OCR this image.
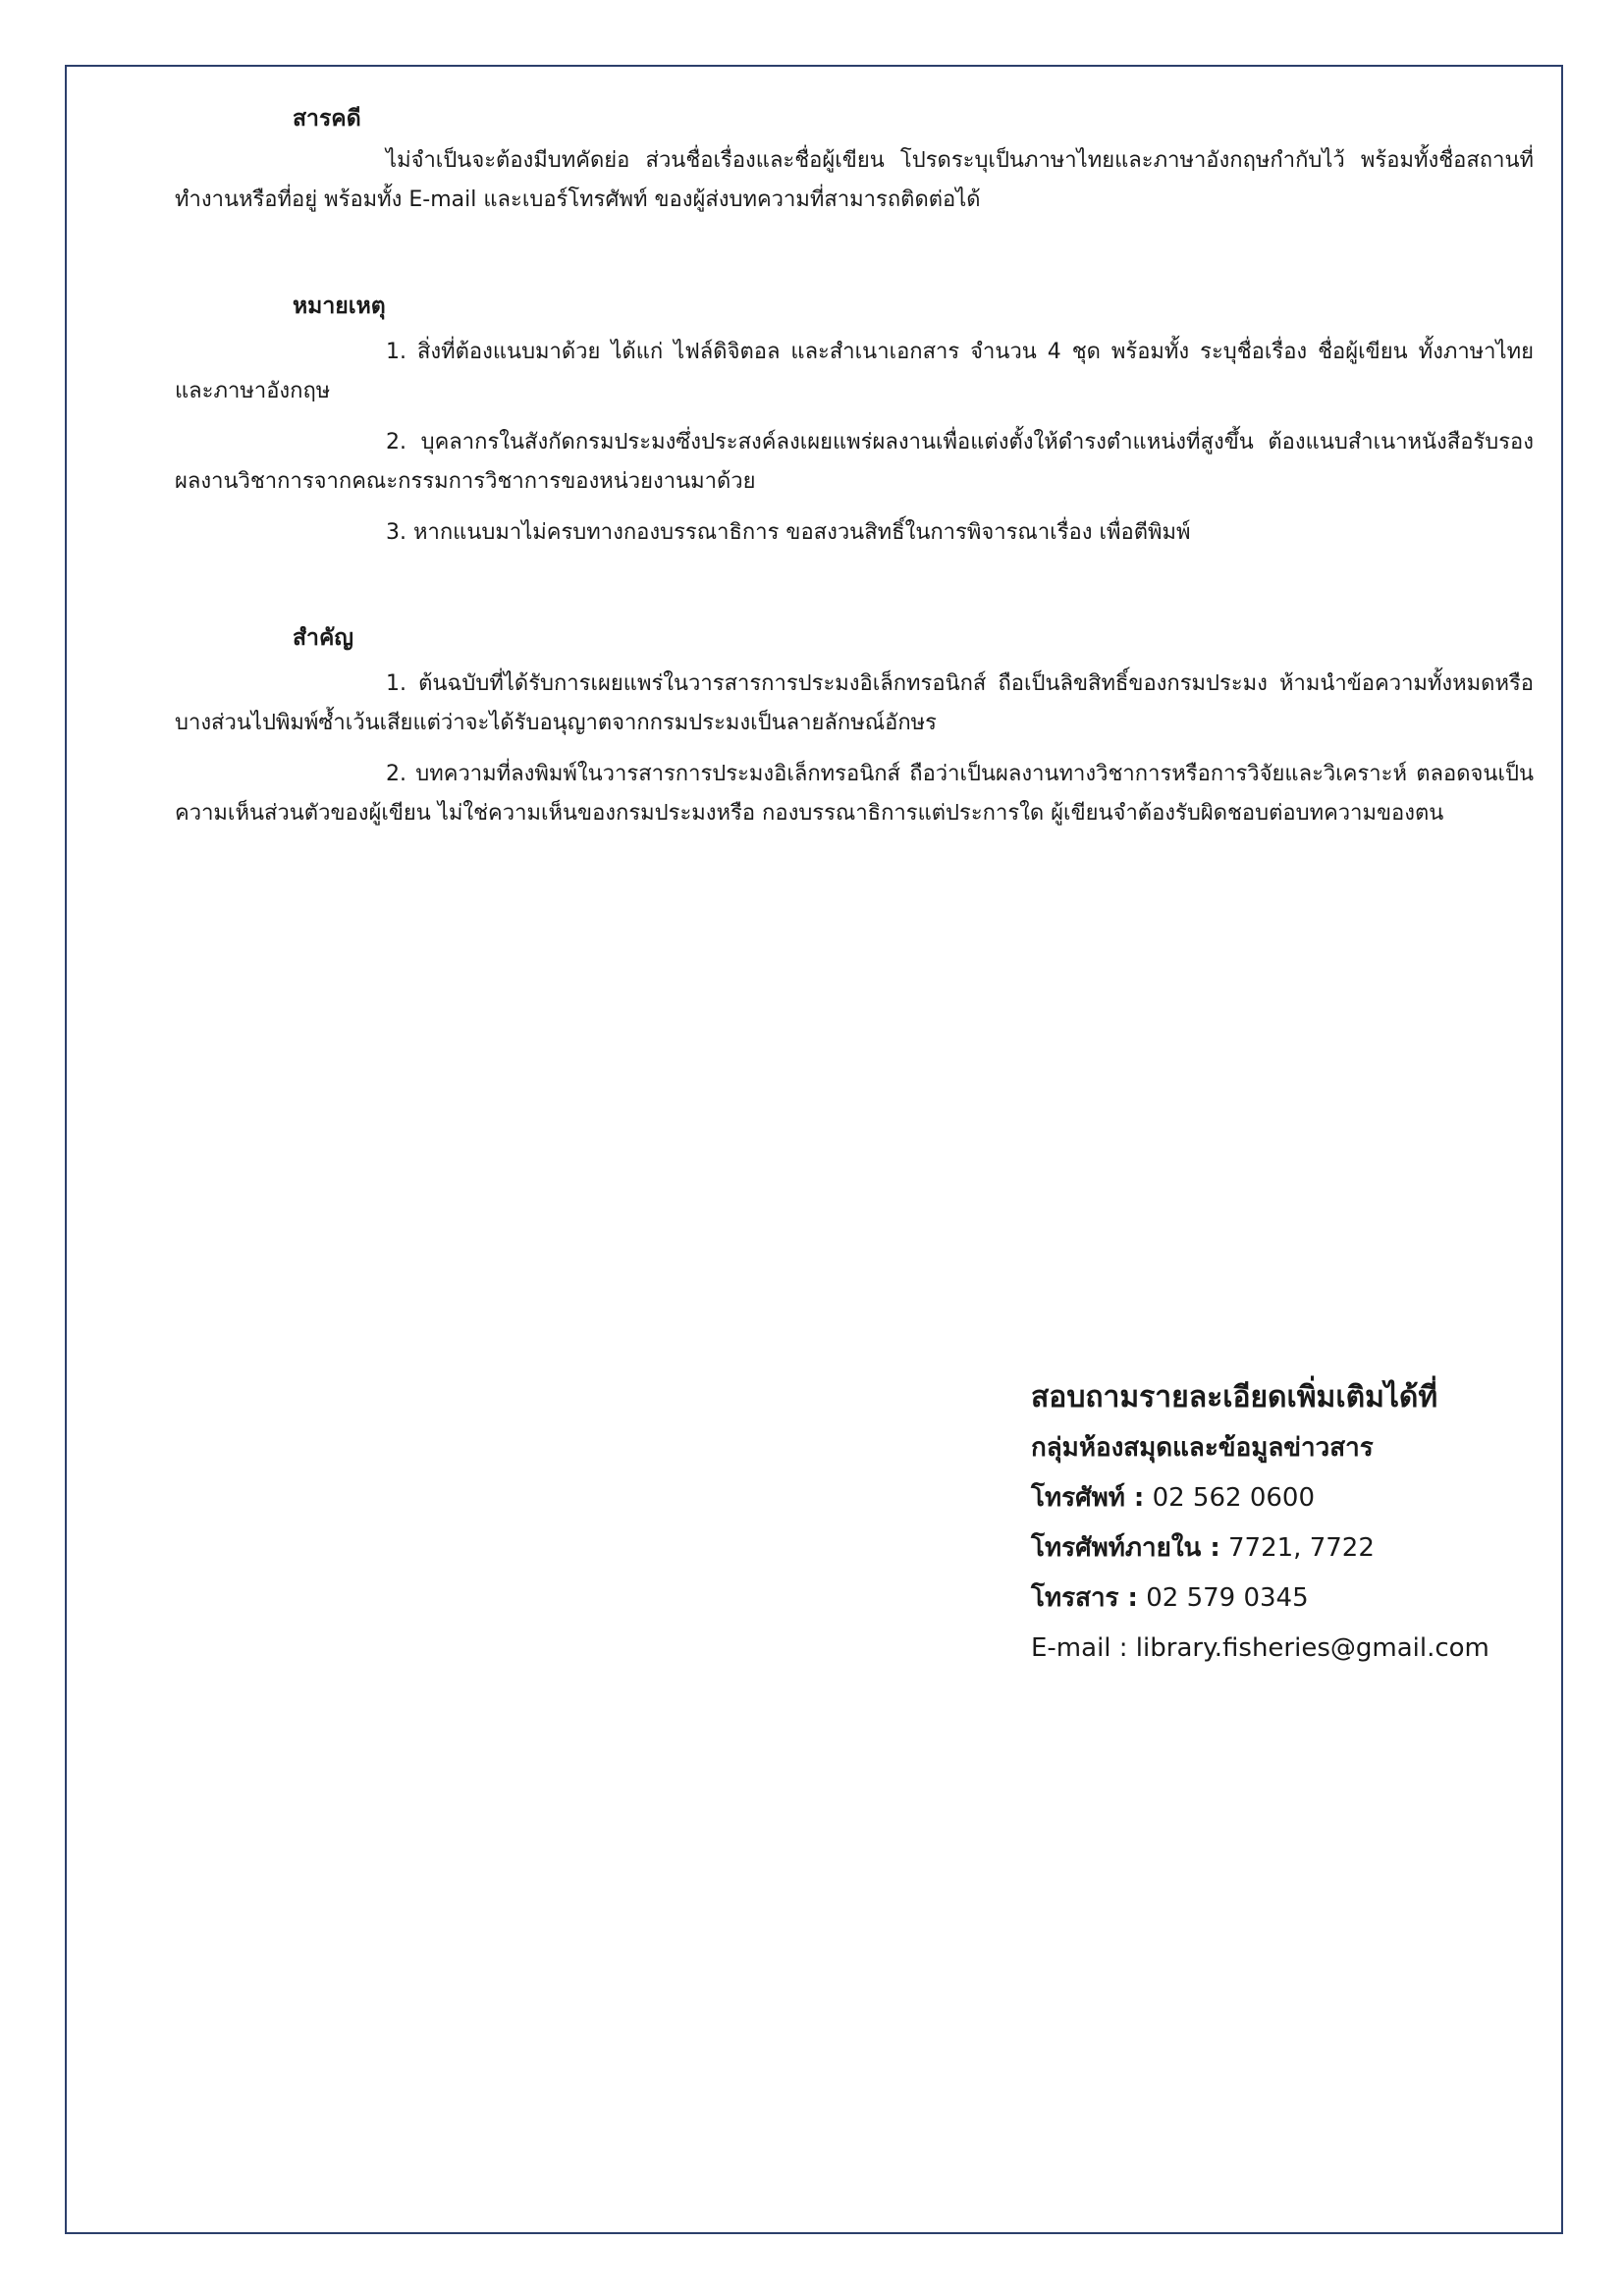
สารคดี

ไม่จำเป็นจะต้องมีบทคัดย่อ ส่วนชื่อเรื่องและชื่อผู้เขียน โปรดระบุเป็นภาษาไทยและภาษาอังกฤษกำกับไว้ พร้อมทั้งชื่อสถานที่ทำงานหรือที่อยู่ พร้อมทั้ง E-mail และเบอร์โทรศัพท์ ของผู้ส่งบทความที่สามารถติดต่อได้

หมายเหตุ

1. สิ่งที่ต้องแนบมาด้วย ได้แก่ ไฟล์ดิจิตอล และสำเนาเอกสาร จำนวน 4 ชุด พร้อมทั้ง ระบุชื่อเรื่อง ชื่อผู้เขียน ทั้งภาษาไทย และภาษาอังกฤษ

2. บุคลากรในสังกัดกรมประมงซึ่งประสงค์ลงเผยแพร่ผลงานเพื่อแต่งตั้งให้ดำรงตำแหน่งที่สูงขึ้น ต้องแนบสำเนาหนังสือรับรองผลงานวิชาการจากคณะกรรมการวิชาการของหน่วยงานมาด้วย

3. หากแนบมาไม่ครบทางกองบรรณาธิการ ขอสงวนสิทธิ์ในการพิจารณาเรื่อง เพื่อตีพิมพ์

สำคัญ

1. ต้นฉบับที่ได้รับการเผยแพร่ในวารสารการประมงอิเล็กทรอนิกส์ ถือเป็นลิขสิทธิ์ของกรมประมง ห้ามนำข้อความทั้งหมดหรือบางส่วนไปพิมพ์ซ้ำเว้นเสียแต่ว่าจะได้รับอนุญาตจากกรมประมงเป็นลายลักษณ์อักษร

2. บทความที่ลงพิมพ์ในวารสารการประมงอิเล็กทรอนิกส์ ถือว่าเป็นผลงานทางวิชาการหรือการวิจัยและวิเคราะห์ ตลอดจนเป็นความเห็นส่วนตัวของผู้เขียน ไม่ใช่ความเห็นของกรมประมงหรือ กองบรรณาธิการแต่ประการใด ผู้เขียนจำต้องรับผิดชอบต่อบทความของตน

สอบถามรายละเอียดเพิ่มเติมได้ที่

กลุ่มห้องสมุดและข้อมูลข่าวสาร

โทรศัพท์ : 02 562 0600

โทรศัพท์ภายใน : 7721, 7722

โทรสาร : 02 579 0345

E-mail : library.fisheries@gmail.com
